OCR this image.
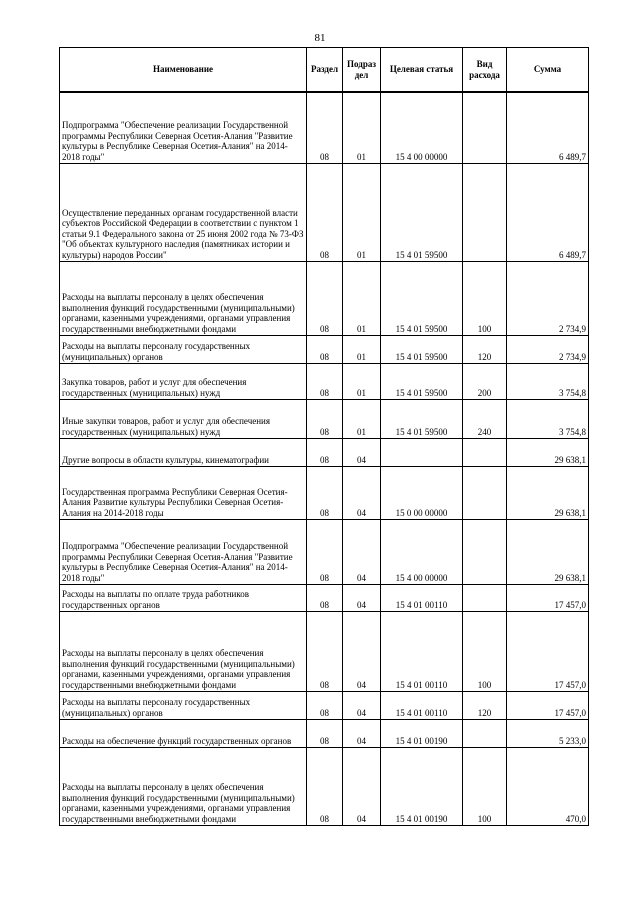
81
Наименование	Раздел	Подраз дел	Целевая статья	Вид расхода	Сумма
Подпрограмма "Обеспечение реализации Государственной программы Республики Северная Осетия-Алания "Развитие культуры в Республике Северная Осетия-Алания" на 2014-2018 годы"	08	01	15 4 00 00000		6 489,7
Осуществление переданных органам государственной власти субъектов Российской Федерации в соответствии с пунктом 1 статьи 9.1 Федерального закона от 25 июня 2002 года № 73-ФЗ "Об объектах культурного наследия (памятниках истории и культуры) народов России"	08	01	15 4 01 59500		6 489,7
Расходы на выплаты персоналу в целях обеспечения выполнения функций государственными (муниципальными) органами, казенными учреждениями, органами управления государственными внебюджетными фондами	08	01	15 4 01 59500	100	2 734,9
Расходы на выплаты персоналу государственных (муниципальных) органов	08	01	15 4 01 59500	120	2 734,9
Закупка товаров, работ и услуг для обеспечения государственных (муниципальных) нужд	08	01	15 4 01 59500	200	3 754,8
Иные закупки товаров, работ и услуг для обеспечения государственных (муниципальных) нужд	08	01	15 4 01 59500	240	3 754,8
Другие вопросы в области культуры, кинематографии	08	04			29 638,1
Государственная программа Республики Северная Осетия-Алания Развитие культуры Республики Северная Осетия-Алания на 2014-2018 годы	08	04	15 0 00 00000		29 638,1
Подпрограмма "Обеспечение реализации Государственной программы Республики Северная Осетия-Алания "Развитие культуры в Республике Северная Осетия-Алания" на 2014-2018 годы"	08	04	15 4 00 00000		29 638,1
Расходы на выплаты по оплате труда работников государственных органов	08	04	15 4 01 00110		17 457,0
Расходы на выплаты персоналу в целях обеспечения выполнения функций государственными (муниципальными) органами, казенными учреждениями, органами управления государственными внебюджетными фондами	08	04	15 4 01 00110	100	17 457,0
Расходы на выплаты персоналу государственных (муниципальных) органов	08	04	15 4 01 00110	120	17 457,0
Расходы на обеспечение функций государственных органов	08	04	15 4 01 00190		5 233,0
Расходы на выплаты персоналу в целях обеспечения выполнения функций государственными (муниципальными) органами, казенными учреждениями, органами управления государственными внебюджетными фондами	08	04	15 4 01 00190	100	470,0
